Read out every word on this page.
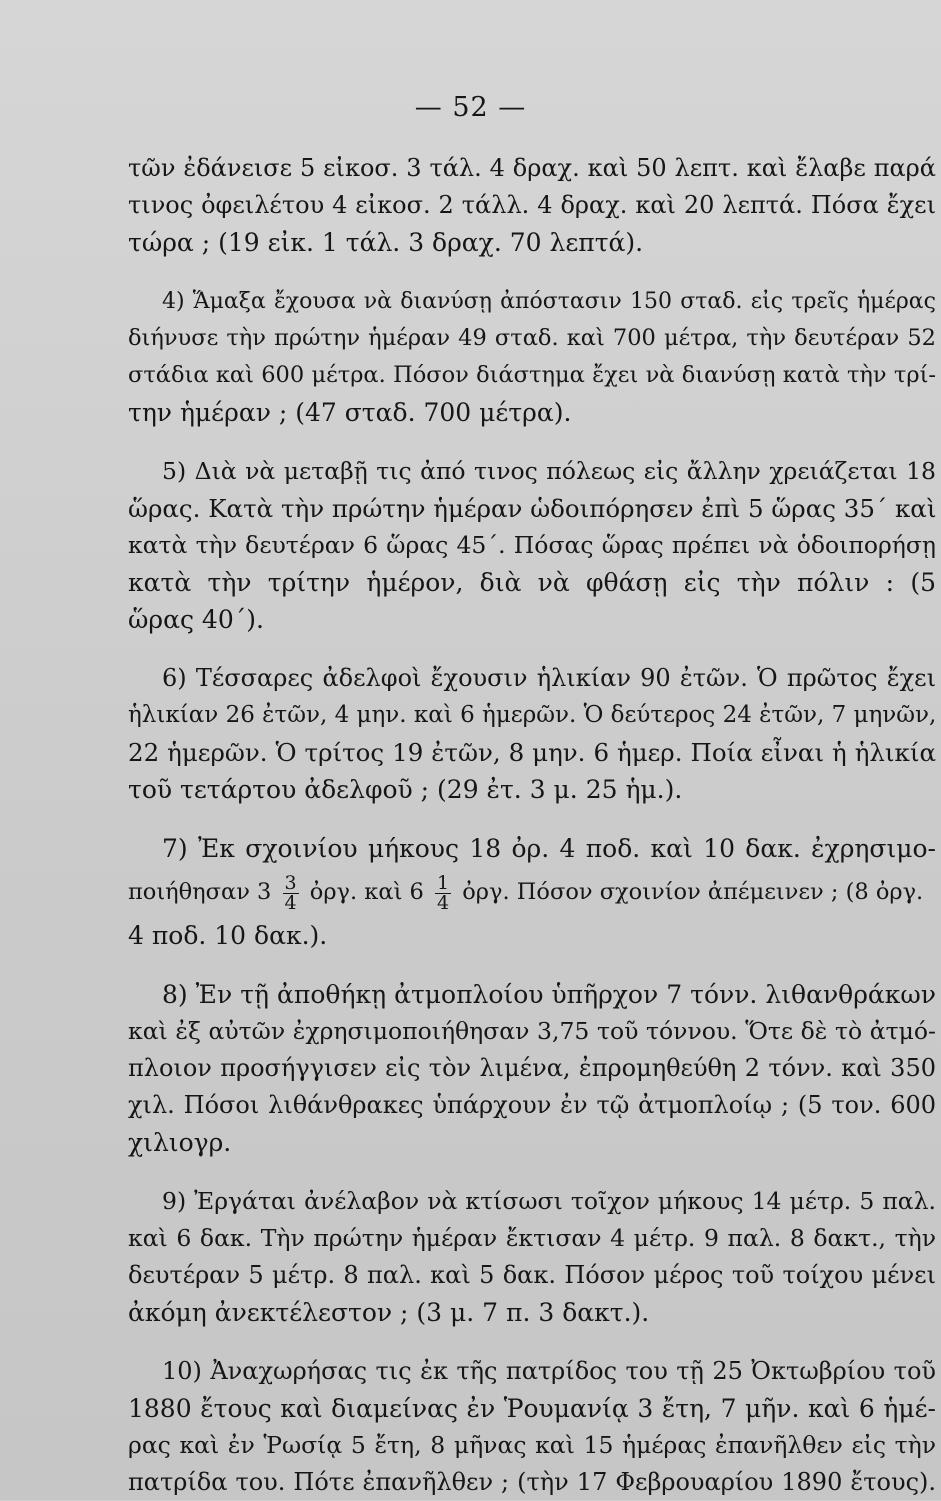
— 52 —
τῶν ἐδάνεισε 5 εἰκοσ. 3 τάλ. 4 δραχ. καὶ 50 λεπτ. καὶ ἔλαβε παρά
τινος ὀφειλέτου 4 εἰκοσ. 2 τάλλ. 4 δραχ. καὶ 20 λεπτά. Πόσα ἔχει
τώρα ; (19 εἰκ. 1 τάλ. 3 δραχ. 70 λεπτά).
4) Ἅμαξα ἔχουσα νὰ διανύσῃ ἀπόστασιν 150 σταδ. εἰς τρεῖς ἡμέρας
διήνυσε τὴν πρώτην ἡμέραν 49 σταδ. καὶ 700 μέτρα, τὴν δευτέραν 52
στάδια καὶ 600 μέτρα. Πόσον διάστημα ἔχει νὰ διανύσῃ κατὰ τὴν τρί-
την ἡμέραν ; (47 σταδ. 700 μέτρα).
5) Διὰ νὰ μεταβῇ τις ἀπό τινος πόλεως εἰς ἄλλην χρειάζεται 18
ὥρας. Κατὰ τὴν πρώτην ἡμέραν ὡδοιπόρησεν ἐπὶ 5 ὥρας 35΄ καὶ
κατὰ τὴν δευτέραν 6 ὥρας 45΄. Πόσας ὥρας πρέπει νὰ ὁδοιπορήσῃ
κατὰ τὴν τρίτην ἡμέρον, διὰ νὰ φθάσῃ εἰς τὴν πόλιν : (5
ὥρας 40΄).
6) Τέσσαρες ἀδελφοὶ ἔχουσιν ἡλικίαν 90 ἐτῶν. Ὁ πρῶτος ἔχει
ἡλικίαν 26 ἐτῶν, 4 μην. καὶ 6 ἡμερῶν. Ὁ δεύτερος 24 ἐτῶν, 7 μηνῶν,
22 ἡμερῶν. Ὁ τρίτος 19 ἐτῶν, 8 μην. 6 ἡμερ. Ποία εἶναι ἡ ἡλικία
τοῦ τετάρτου ἀδελφοῦ ; (29 ἐτ. 3 μ. 25 ἡμ.).
7) Ἐκ σχοινίου μήκους 18 ὀρ. 4 ποδ. καὶ 10 δακ. ἐχρησιμο-
ποιήθησαν $3 \frac{3}{4}$ ὀργ. καὶ $6 \frac{1}{4}$ ὀργ. Πόσον σχοινίον ἀπέμεινεν ; (8 ὀργ.
4 ποδ. 10 δακ.).
8) Ἐν τῇ ἀποθήκῃ ἀτμοπλοίου ὑπῆρχον 7 τόνν. λιθανθράκων
καὶ ἐξ αὐτῶν ἐχρησιμοποιήθησαν 3,75 τοῦ τόννου. Ὅτε δὲ τὸ ἀτμό-
πλοιον προσήγγισεν εἰς τὸν λιμένα, ἐπρομηθεύθη 2 τόνν. καὶ 350
χιλ. Πόσοι λιθάνθρακες ὑπάρχουν ἐν τῷ ἀτμοπλοίῳ ; (5 τον. 600
χιλιογρ.
9) Ἐργάται ἀνέλαβον νὰ κτίσωσι τοῖχον μήκους 14 μέτρ. 5 παλ.
καὶ 6 δακ. Τὴν πρώτην ἡμέραν ἔκτισαν 4 μέτρ. 9 παλ. 8 δακτ., τὴν
δευτέραν 5 μέτρ. 8 παλ. καὶ 5 δακ. Πόσον μέρος τοῦ τοίχου μένει
ἀκόμη ἀνεκτέλεστον ; (3 μ. 7 π. 3 δακτ.).
10) Ἀναχωρήσας τις ἐκ τῆς πατρίδος του τῇ 25 Ὀκτωβρίου τοῦ
1880 ἔτους καὶ διαμείνας ἐν Ῥουμανίᾳ 3 ἔτη, 7 μῆν. καὶ 6 ἡμέ-
ρας καὶ ἐν Ῥωσίᾳ 5 ἔτη, 8 μῆνας καὶ 15 ἡμέρας ἐπανῆλθεν εἰς τὴν
πατρίδα του. Πότε ἐπανῆλθεν ; (τὴν 17 Φεβρουαρίου 1890 ἔτους).
